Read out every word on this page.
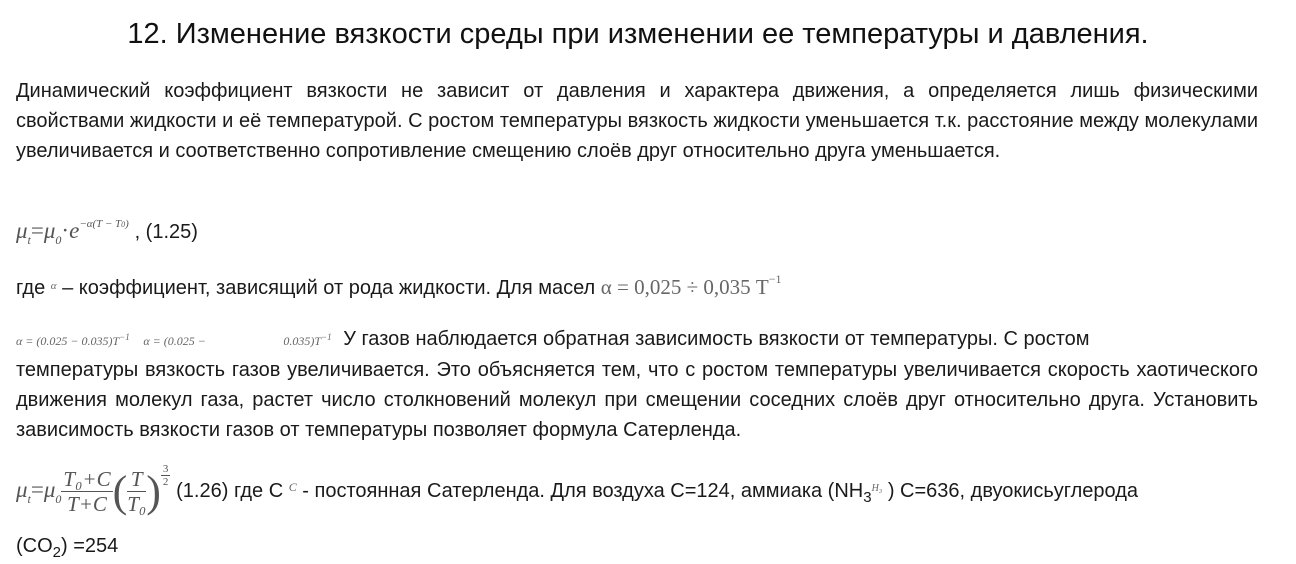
12. Изменение вязкости среды при изменении ее температуры и давления.
Динамический коэффициент вязкости не зависит от давления и характера движения, а определяется лишь физическими свойствами жидкости и её температурой. С ростом температуры вязкость жидкости уменьшается т.к. расстояние между молекулами увеличивается и соответственно сопротивление смещению слоёв друг относительно друга уменьшается.
$\mu_t=\mu_0\cdot e^{-\alpha(T - T0)}$ , (1.25)
где $^\alpha$ – коэффициент, зависящий от рода жидкости. Для масел α = 0,025 ÷ 0,035 $T^{-1}$
$\alpha = (0.025 - 0.035)T^{-1}$ α = (0.025 −	$0.035)T^{-1}$ У газов наблюдается обратная зависимость вязкости от температуры. С ростом
температуры вязкость газов увеличивается. Это объясняется тем, что с ростом температуры увеличивается скорость хаотического движения молекул газа, растет число столкновений молекул при смещении соседних слоёв друг относительно друга. Установить зависимость вязкости газов от температуры позволяет формула Сатерленда.
$\mu_t=\mu_0 \frac{\text{T₀+C}}{T+C}$ ( $\frac{T}{\text{T₀}}$ ) $\frac{3}{2}$
(1.26) где С $^C$ - постоянная Сатерленда. Для воздуха С=124, аммиака ($NH_3^{H_3}$ ) С=636, двуокисьуглерода
$(CO_2) =254$
